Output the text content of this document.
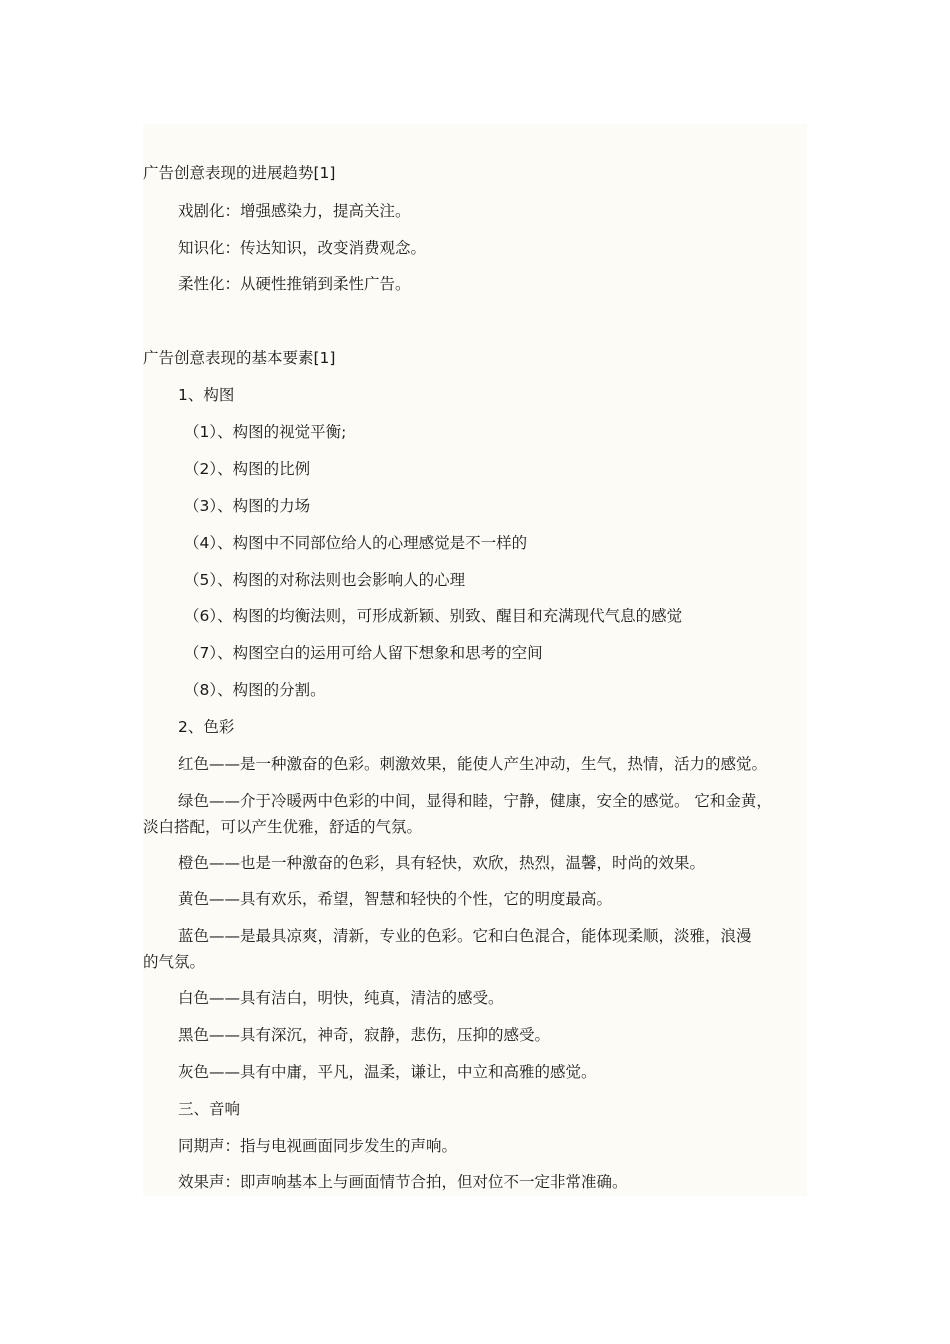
广告创意表现的进展趋势[1]

戏剧化：增强感染力，提高关注。

知识化：传达知识，改变消费观念。

柔性化：从硬性推销到柔性广告。

广告创意表现的基本要素[1]

1、构图

（1）、构图的视觉平衡;

（2）、构图的比例

（3）、构图的力场

（4）、构图中不同部位给人的心理感觉是不一样的

（5）、构图的对称法则也会影响人的心理

（6）、构图的均衡法则，可形成新颖、别致、醒目和充满现代气息的感觉

（7）、构图空白的运用可给人留下想象和思考的空间

（8）、构图的分割。

2、色彩

红色——是一种激奋的色彩。刺激效果，能使人产生冲动，生气，热情，活力的感觉。

绿色——介于冷暖两中色彩的中间，显得和睦，宁静，健康，安全的感觉。 它和金黄，

淡白搭配，可以产生优雅，舒适的气氛。

橙色——也是一种激奋的色彩，具有轻快，欢欣，热烈，温馨，时尚的效果。

黄色——具有欢乐，希望，智慧和轻快的个性，它的明度最高。

蓝色——是最具凉爽，清新，专业的色彩。它和白色混合，能体现柔顺，淡雅，浪漫

的气氛。

白色——具有洁白，明快，纯真，清洁的感受。

黑色——具有深沉，神奇，寂静，悲伤，压抑的感受。

灰色——具有中庸，平凡，温柔，谦让，中立和高雅的感觉。

三、音响

同期声：指与电视画面同步发生的声响。

效果声：即声响基本上与画面情节合拍，但对位不一定非常准确。
